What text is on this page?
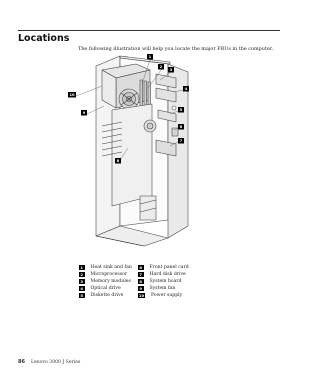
Locations

The following illustration will help you locate the major FRUs in the computer.

1
2
3
4
5
6
7
8
9
10
1	Heat sink and fan
2	Microprocessor
3	Memory modules
4	Optical drive
5	Diskette drive
6	Front panel card
7	Hard disk drive
8	System board
9	System fan
10 Power supply
86 Lenovo 3000 J Series
